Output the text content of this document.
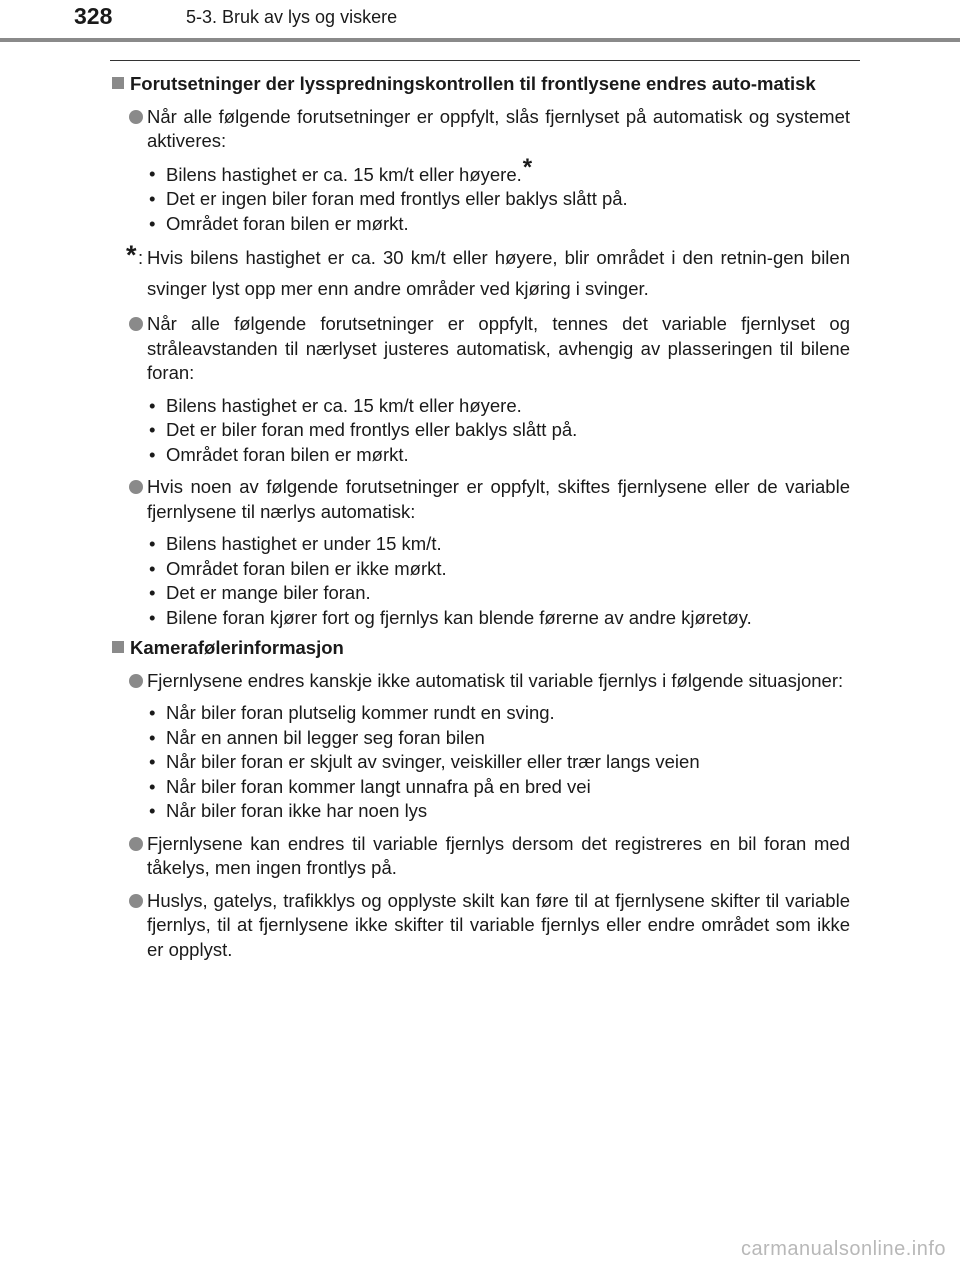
328	5-3. Bruk av lys og viskere
Forutsetninger der lysspredningskontrollen til frontlysene endres auto-matisk
Når alle følgende forutsetninger er oppfylt, slås fjernlyset på automatisk og systemet aktiveres:
• Bilens hastighet er ca. 15 km/t eller høyere.*
• Det er ingen biler foran med frontlys eller baklys slått på.
• Området foran bilen er mørkt.
* : Hvis bilens hastighet er ca. 30 km/t eller høyere, blir området i den retnin-gen bilen svinger lyst opp mer enn andre områder ved kjøring i svinger.
Når alle følgende forutsetninger er oppfylt, tennes det variable fjernlyset og stråleavstanden til nærlyset justeres automatisk, avhengig av plasseringen til bilene foran:
• Bilens hastighet er ca. 15 km/t eller høyere.
• Det er biler foran med frontlys eller baklys slått på.
• Området foran bilen er mørkt.
Hvis noen av følgende forutsetninger er oppfylt, skiftes fjernlysene eller de variable fjernlysene til nærlys automatisk:
• Bilens hastighet er under 15 km/t.
• Området foran bilen er ikke mørkt.
• Det er mange biler foran.
• Bilene foran kjører fort og fjernlys kan blende førerne av andre kjøretøy.
Kamerafølerinformasjon
Fjernlysene endres kanskje ikke automatisk til variable fjernlys i følgende situasjoner:
• Når biler foran plutselig kommer rundt en sving.
• Når en annen bil legger seg foran bilen
• Når biler foran er skjult av svinger, veiskiller eller trær langs veien
• Når biler foran kommer langt unnafra på en bred vei
• Når biler foran ikke har noen lys
Fjernlysene kan endres til variable fjernlys dersom det registreres en bil foran med tåkelys, men ingen frontlys på.
Huslys, gatelys, trafikklys og opplyste skilt kan føre til at fjernlysene skifter til variable fjernlys, til at fjernlysene ikke skifter til variable fjernlys eller endre området som ikke er opplyst.
carmanualsonline.info
